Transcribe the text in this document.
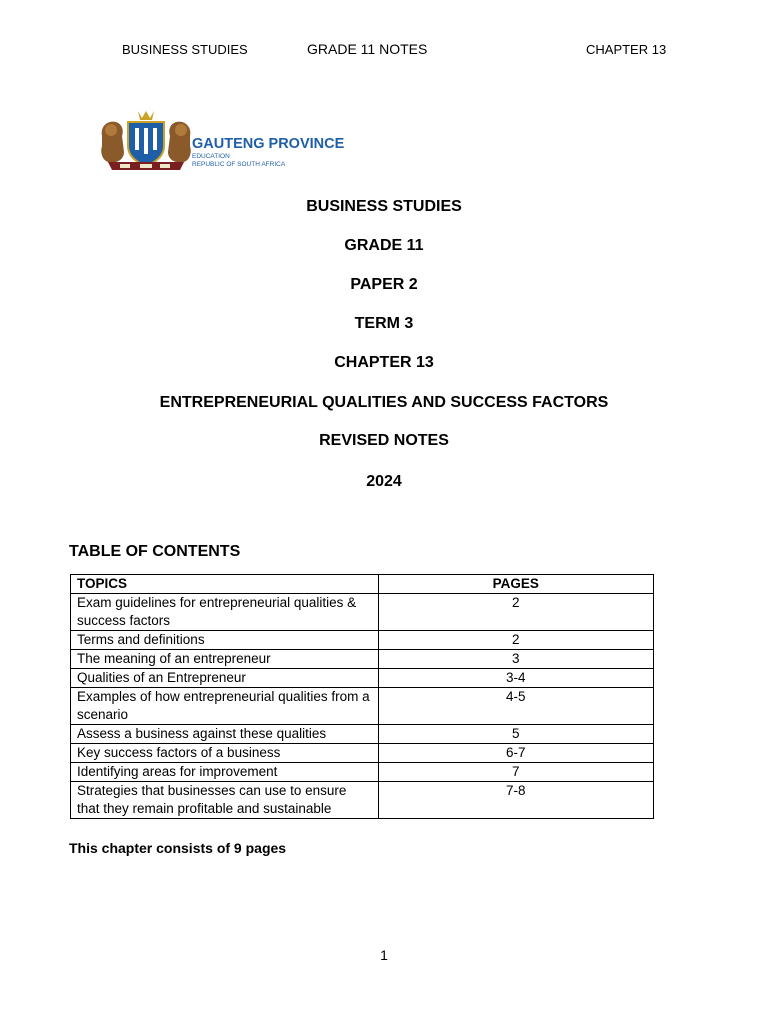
BUSINESS STUDIES	GRADE 11 NOTES	CHAPTER 13
GAUTENG PROVINCE
EDUCATION
REPUBLIC OF SOUTH AFRICA
BUSINESS STUDIES
GRADE 11
PAPER 2
TERM 3
CHAPTER 13
ENTREPRENEURIAL QUALITIES AND SUCCESS FACTORS
REVISED NOTES
2024
TABLE OF CONTENTS
TOPICS	PAGES
Exam guidelines for entrepreneurial qualities & success factors	2
Terms and definitions	2
The meaning of an entrepreneur	3
Qualities of an Entrepreneur	3-4
Examples of how entrepreneurial qualities from a scenario	4-5
Assess a business against these qualities	5
Key success factors of a business	6-7
Identifying areas for improvement	7
Strategies that businesses can use to ensure that they remain profitable and sustainable	7-8
This chapter consists of 9 pages
1
